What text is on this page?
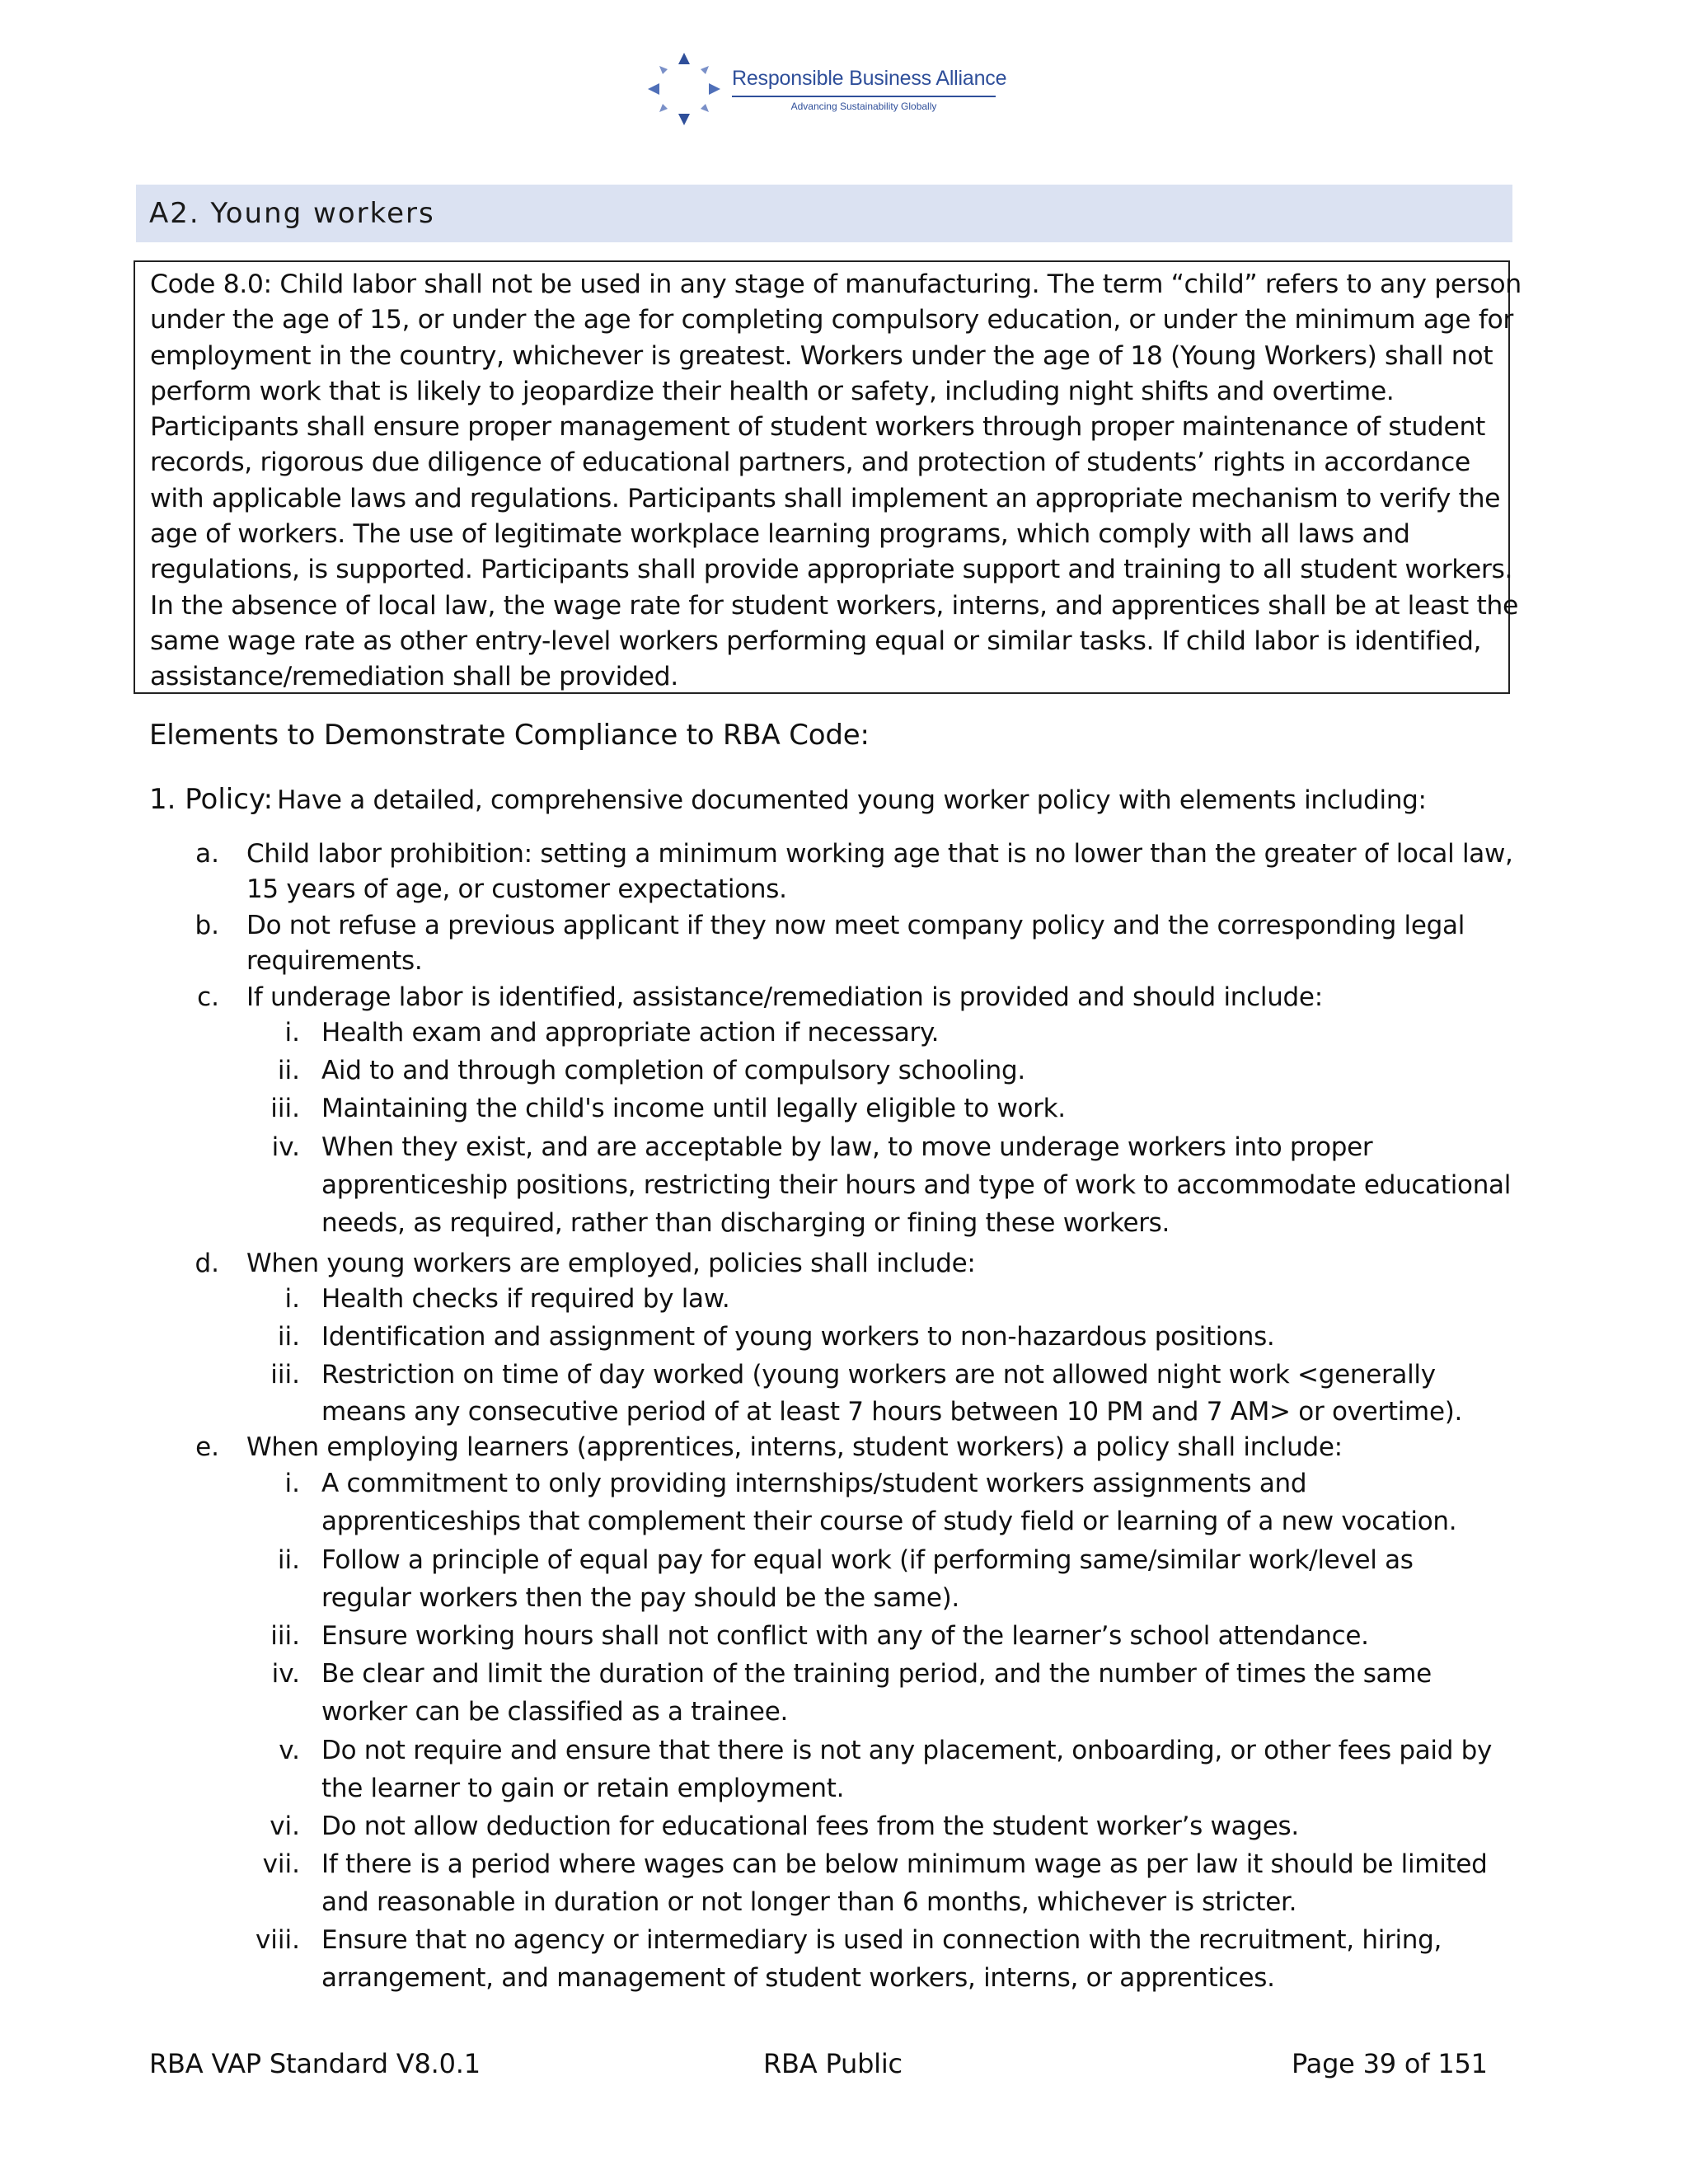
Responsible Business Alliance
Advancing Sustainability Globally
A2. Young workers
Code 8.0: Child labor shall not be used in any stage of manufacturing. The term “child” refers to any person
under the age of 15, or under the age for completing compulsory education, or under the minimum age for
employment in the country, whichever is greatest. Workers under the age of 18 (Young Workers) shall not
perform work that is likely to jeopardize their health or safety, including night shifts and overtime.
Participants shall ensure proper management of student workers through proper maintenance of student
records, rigorous due diligence of educational partners, and protection of students’ rights in accordance
with applicable laws and regulations. Participants shall implement an appropriate mechanism to verify the
age of workers. The use of legitimate workplace learning programs, which comply with all laws and
regulations, is supported. Participants shall provide appropriate support and training to all student workers.
In the absence of local law, the wage rate for student workers, interns, and apprentices shall be at least the
same wage rate as other entry-level workers performing equal or similar tasks. If child labor is identified,
assistance/remediation shall be provided.
Elements to Demonstrate Compliance to RBA Code:
1. Policy: Have a detailed, comprehensive documented young worker policy with elements including:
a. Child labor prohibition: setting a minimum working age that is no lower than the greater of local law,
15 years of age, or customer expectations.
b. Do not refuse a previous applicant if they now meet company policy and the corresponding legal
requirements.
c. If underage labor is identified, assistance/remediation is provided and should include:
i. Health exam and appropriate action if necessary.
ii. Aid to and through completion of compulsory schooling.
iii. Maintaining the child's income until legally eligible to work.
iv. When they exist, and are acceptable by law, to move underage workers into proper
apprenticeship positions, restricting their hours and type of work to accommodate educational
needs, as required, rather than discharging or fining these workers.
d. When young workers are employed, policies shall include:
i. Health checks if required by law.
ii. Identification and assignment of young workers to non-hazardous positions.
iii. Restriction on time of day worked (young workers are not allowed night work <generally
means any consecutive period of at least 7 hours between 10 PM and 7 AM> or overtime).
e. When employing learners (apprentices, interns, student workers) a policy shall include:
i. A commitment to only providing internships/student workers assignments and
apprenticeships that complement their course of study field or learning of a new vocation.
ii. Follow a principle of equal pay for equal work (if performing same/similar work/level as
regular workers then the pay should be the same).
iii. Ensure working hours shall not conflict with any of the learner’s school attendance.
iv. Be clear and limit the duration of the training period, and the number of times the same
worker can be classified as a trainee.
v. Do not require and ensure that there is not any placement, onboarding, or other fees paid by
the learner to gain or retain employment.
vi. Do not allow deduction for educational fees from the student worker’s wages.
vii. If there is a period where wages can be below minimum wage as per law it should be limited
and reasonable in duration or not longer than 6 months, whichever is stricter.
viii. Ensure that no agency or intermediary is used in connection with the recruitment, hiring,
arrangement, and management of student workers, interns, or apprentices.
RBA VAP Standard V8.0.1	RBA Public	Page 39 of 151
